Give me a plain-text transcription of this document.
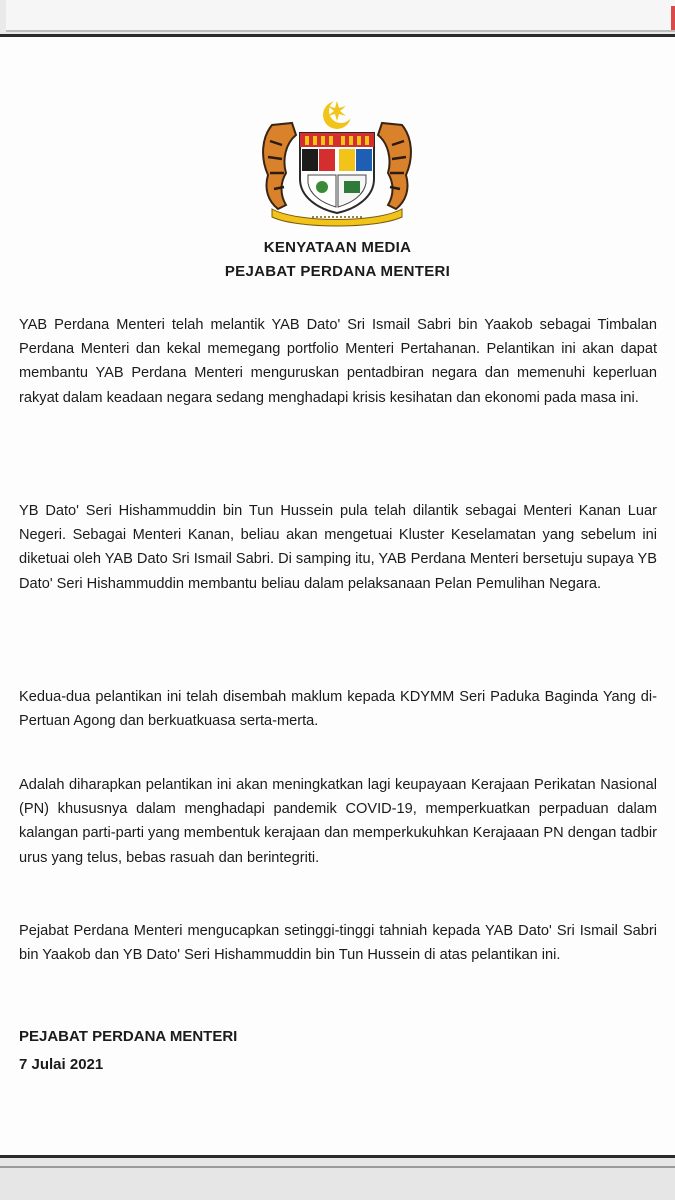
KENYATAAN MEDIA
PEJABAT PERDANA MENTERI

YAB Perdana Menteri telah melantik YAB Dato' Sri Ismail Sabri bin Yaakob sebagai Timbalan Perdana Menteri dan kekal memegang portfolio Menteri Pertahanan. Pelantikan ini akan dapat membantu YAB Perdana Menteri menguruskan pentadbiran negara dan memenuhi keperluan rakyat dalam keadaan negara sedang menghadapi krisis kesihatan dan ekonomi pada masa ini.

YB Dato' Seri Hishammuddin bin Tun Hussein pula telah dilantik sebagai Menteri Kanan Luar Negeri. Sebagai Menteri Kanan, beliau akan mengetuai Kluster Keselamatan yang sebelum ini diketuai oleh YAB Dato Sri Ismail Sabri. Di samping itu, YAB Perdana Menteri bersetuju supaya YB Dato' Seri Hishammuddin membantu beliau dalam pelaksanaan Pelan Pemulihan Negara.

Kedua-dua pelantikan ini telah disembah maklum kepada KDYMM Seri Paduka Baginda Yang di-Pertuan Agong dan berkuatkuasa serta-merta.

Adalah diharapkan pelantikan ini akan meningkatkan lagi keupayaan Kerajaan Perikatan Nasional (PN) khususnya dalam menghadapi pandemik COVID-19, memperkuatkan perpaduan dalam kalangan parti-parti yang membentuk kerajaan dan memperkukuhkan Kerajaaan PN dengan tadbir urus yang telus, bebas rasuah dan berintegriti.

Pejabat Perdana Menteri mengucapkan setinggi-tinggi tahniah kepada YAB Dato' Sri Ismail Sabri bin Yaakob dan YB Dato' Seri Hishammuddin bin Tun Hussein di atas pelantikan ini.

PEJABAT PERDANA MENTERI
7 Julai 2021
